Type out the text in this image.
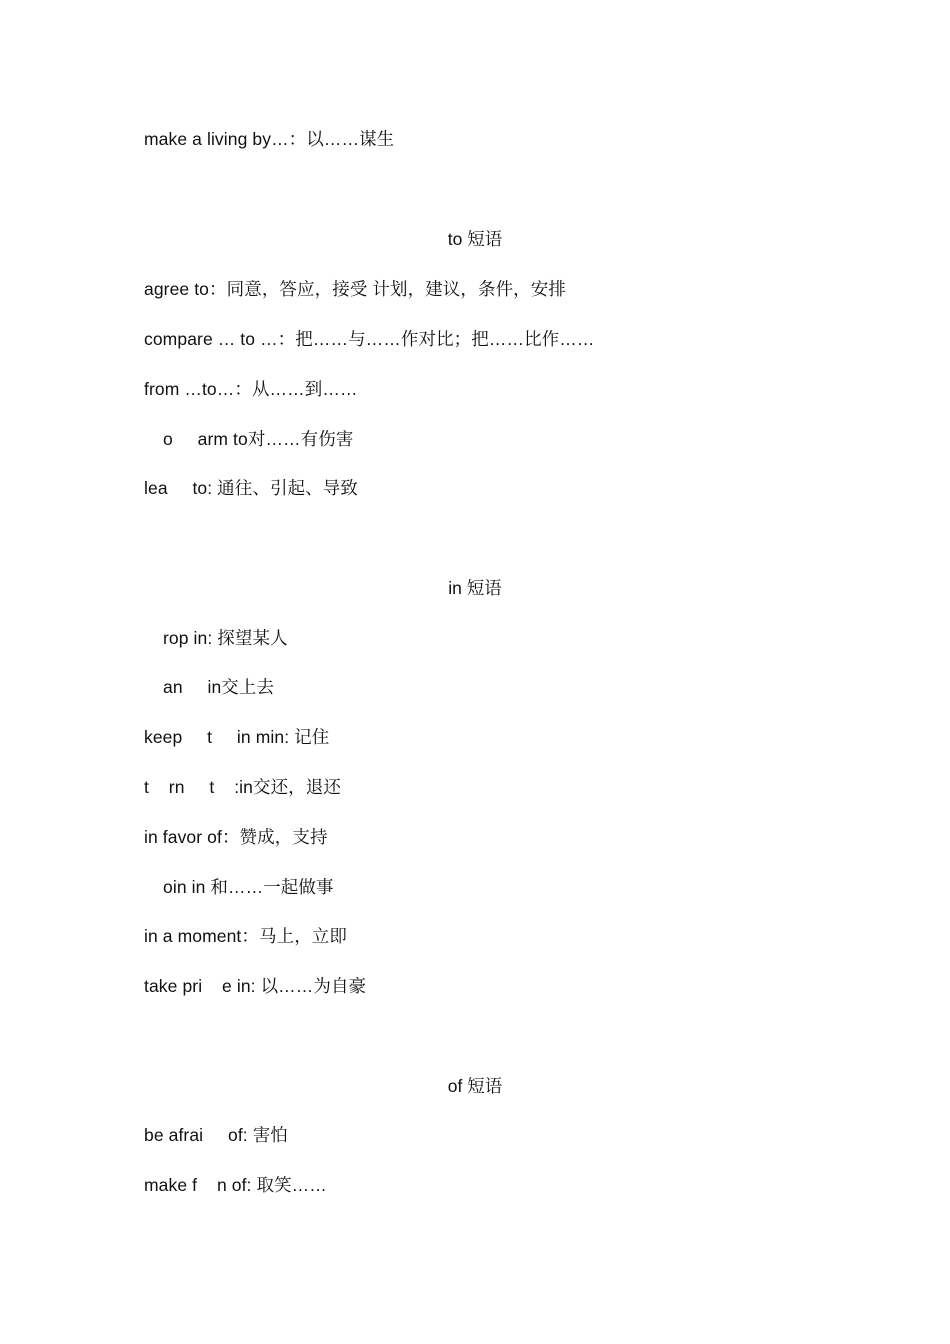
make a living by…：以……谋生
to 短语
agree to：同意，答应，接受 计划，建议，条件，安排
compare … to …：把……与……作对比；把……比作……
from …to…：从……到……
o     arm to对……有伤害
lea     to: 通往、引起、导致
in 短语
rop in: 探望某人
an     in交上去
keep     t     in min: 记住
t    rn     t    :in交还，退还
in favor of：赞成，支持
oin in 和……一起做事
in a moment：马上，立即
take pri    e in: 以……为自豪
of 短语
be afrai     of: 害怕
make f    n of: 取笑……
